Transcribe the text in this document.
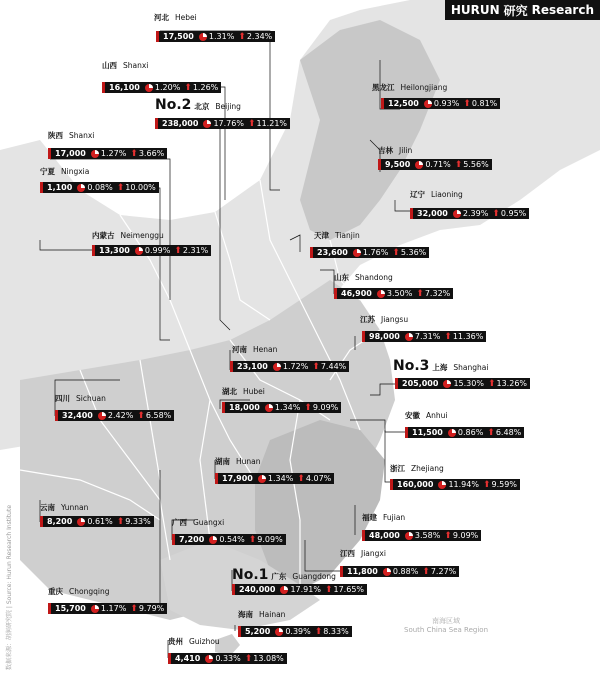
HURUN 研究 Research
数据来源：胡润研究院 | Source: Hurun Research Institute	南海区域
South China Sea Region
河北 Hebei
17,500 1.31% ⬆ 2.34%
山西 Shanxi
16,100 1.20% ⬆ 1.26%
No.2 北京 Beijing
238,000 17.76% ⬆ 11.21%
黑龙江 Heilongjiang
12,500 0.93% ⬆ 0.81%
陕西 Shanxi
17,000 1.27% ⬆ 3.66%
宁夏 Ningxia
1,100 0.08% ⬆ 10.00%
吉林 Jilin
9,500 0.71% ⬆ 5.56%
辽宁 Liaoning
32,000 2.39% ⬆ 0.95%
内蒙古 Neimenggu
13,300 0.99% ⬆ 2.31%
天津 Tianjin
23,600 1.76% ⬆ 5.36%
山东 Shandong
46,900 3.50% ⬆ 7.32%
江苏 Jiangsu
98,000 7.31% ⬆ 11.36%
河南 Henan
23,100 1.72% ⬆ 7.44%	No.3 上海 Shanghai
205,000 15.30% ⬆ 13.26%
四川 Sichuan
32,400 2.42% ⬆ 6.58%
湖北 Hubei
18,000 1.34% ⬆ 9.09%
安徽 Anhui
11,500 0.86% ⬆ 6.48%
湖南 Hunan
17,900 1.34% ⬆ 4.07%
浙江 Zhejiang
160,000 11.94% ⬆ 9.59%
云南 Yunnan
8,200 0.61% ⬆ 9.33%	广西 Guangxi
7,200 0.54% ⬆ 9.09%
福建 Fujian
48,000 3.58% ⬆ 9.09%
江西 Jiangxi
11,800 0.88% ⬆ 7.27%
No.1 广东 Guangdong
240,000 17.91% ⬆ 17.65%
重庆 Chongqing
15,700 1.17% ⬆ 9.79%
海南 Hainan
5,200 0.39% ⬆ 8.33%
贵州 Guizhou
4,410 0.33% ⬆ 13.08%
